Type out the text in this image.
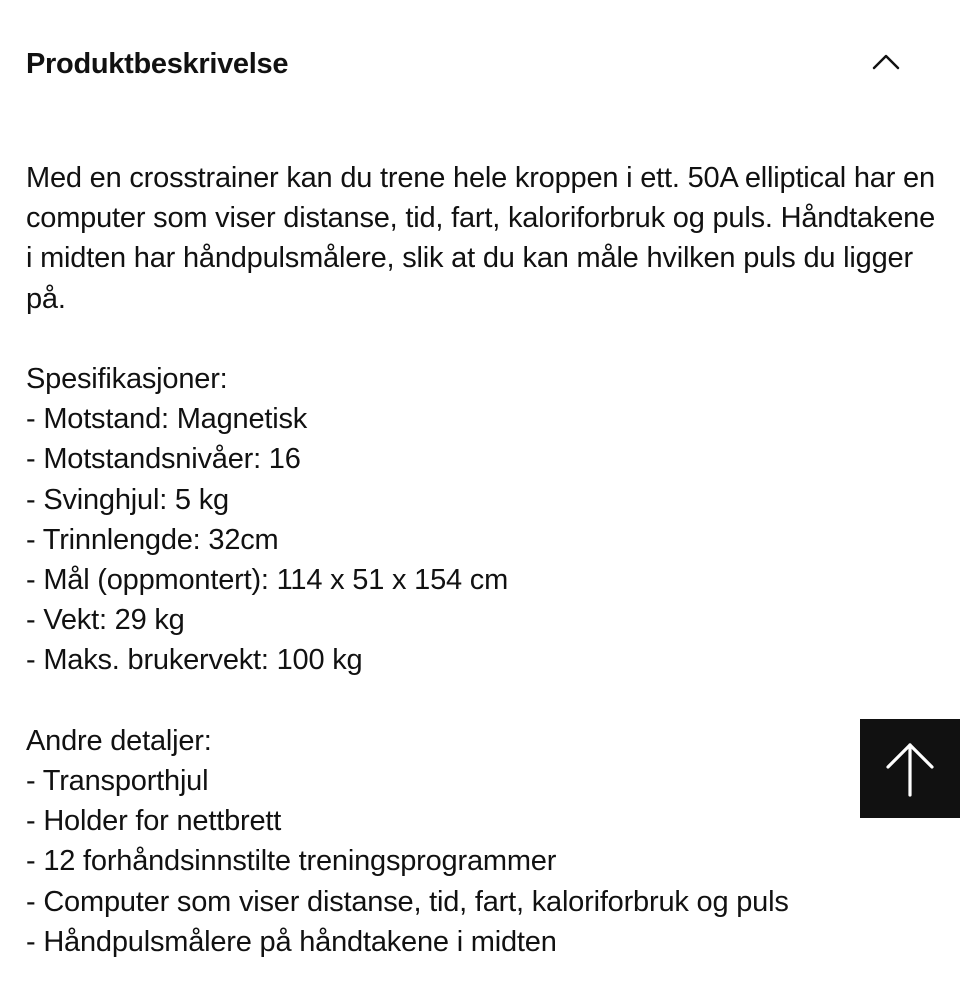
Produktbeskrivelse

Med en crosstrainer kan du trene hele kroppen i ett. 50A elliptical har en computer som viser distanse, tid, fart, kaloriforbruk og puls. Håndtakene i midten har håndpulsmålere, slik at du kan måle hvilken puls du ligger på.

Spesifikasjoner:

- Motstand: Magnetisk
- Motstandsnivåer: 16
- Svinghjul: 5 kg
- Trinnlengde: 32cm
- Mål (oppmontert): 114 x 51 x 154 cm
- Vekt: 29 kg
- Maks. brukervekt: 100 kg

Andre detaljer:

- Transporthjul
- Holder for nettbrett
- 12 forhåndsinnstilte treningsprogrammer
- Computer som viser distanse, tid, fart, kaloriforbruk og puls
- Håndpulsmålere på håndtakene i midten
